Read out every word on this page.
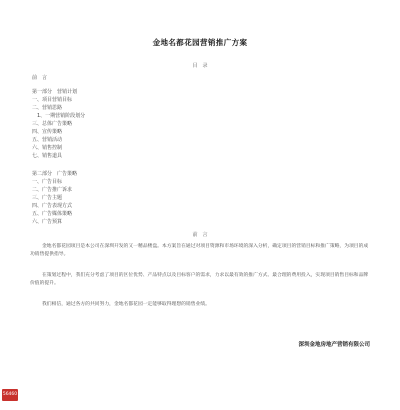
金地名都花园营销推广方案
目　录
前　言
第一部分　营销计划
一、项目营销目标
二、营销思路
　1、一期营销阶段划分
三、总体广告策略
四、宣传策略
五、营销活动
六、销售控制
七、销售道具
第二部分　广告策略
一、广告目标
二、广告推广诉求
三、广告主题
四、广告表现方式
五、广告媒体策略
六、广告预算
前　言
金地名都花园项目是本公司在深圳开发的又一精品楼盘。本方案旨在通过对项目资源和市场环境的深入分析，确定项目的营销目标和推广策略，为项目的成功销售提供指导。
在策划过程中，我们充分考虑了项目的区位优势、产品特点以及目标客户的需求，力求以最有效的推广方式、最合理的费用投入，实现项目销售目标和品牌价值的提升。
我们相信，通过各方的共同努力，金地名都花园一定能够取得理想的销售业绩。
深圳金地房地产营销有限公司
56460
